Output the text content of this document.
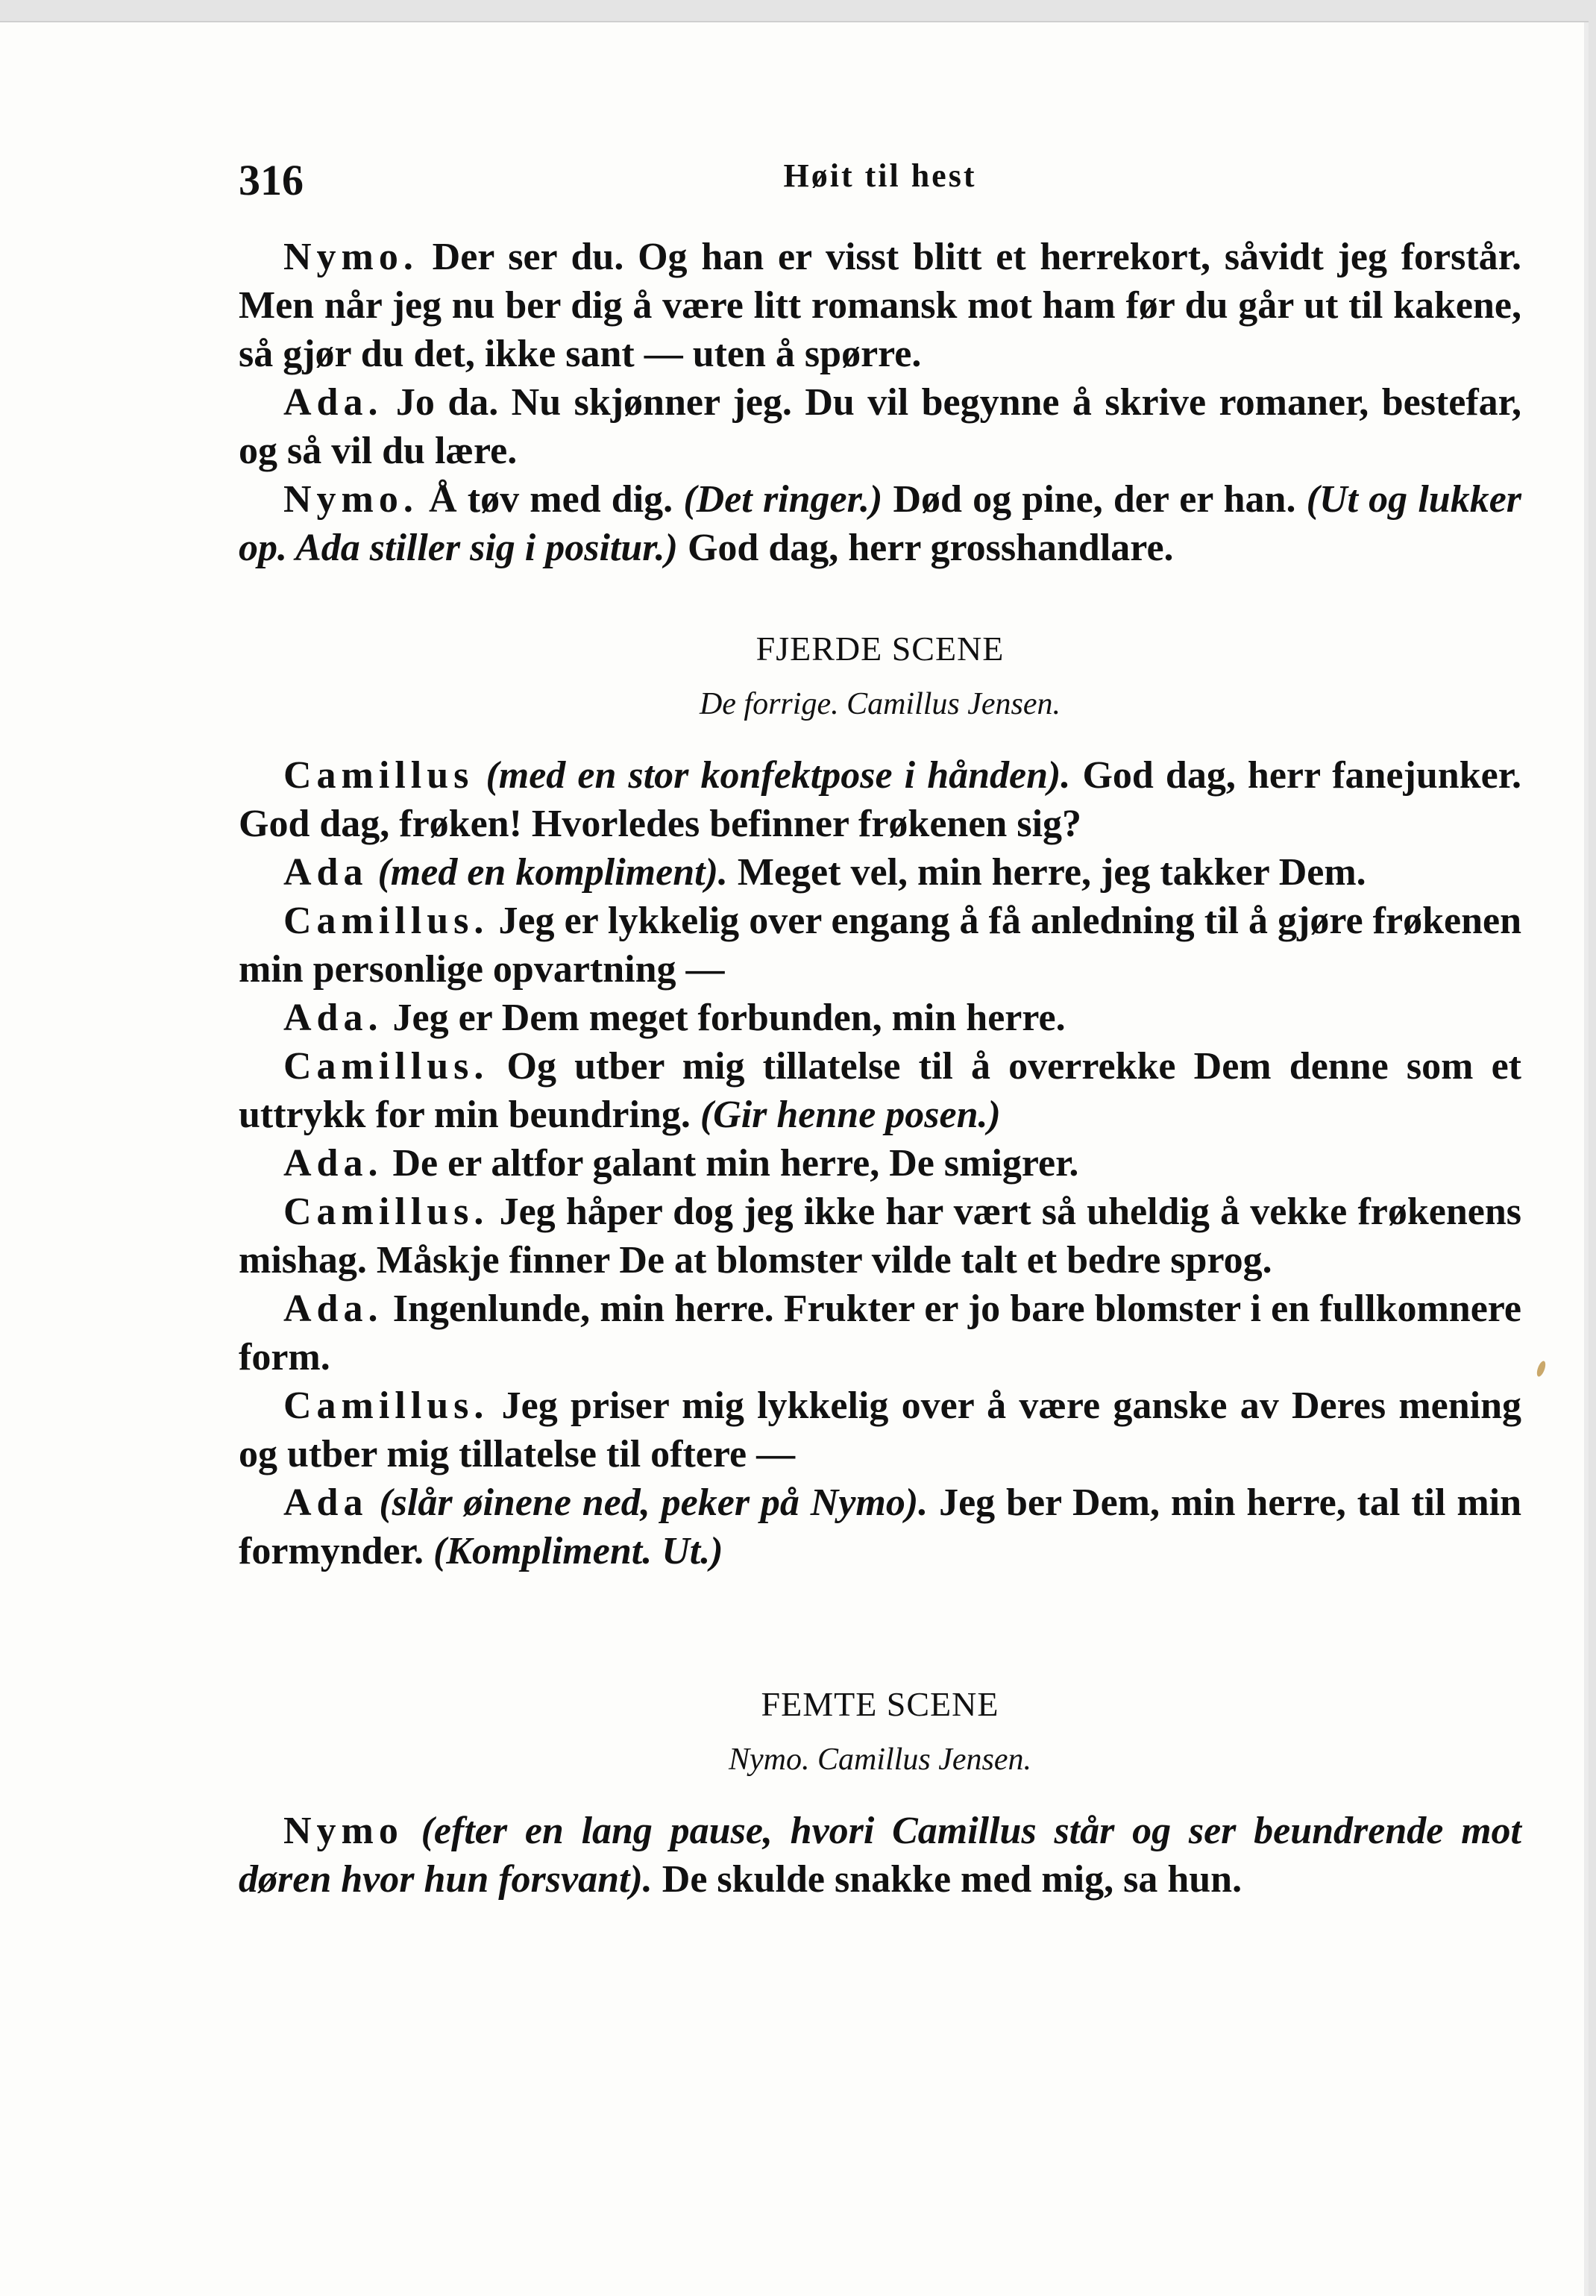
316	Høit til hest

Nymo. Der ser du. Og han er visst blitt et herrekort, såvidt jeg forstår. Men når jeg nu ber dig å være litt romansk mot ham før du går ut til kakene, så gjør du det, ikke sant — uten å spørre.

Ada. Jo da. Nu skjønner jeg. Du vil begynne å skrive romaner, bestefar, og så vil du lære.

Nymo. Å tøv med dig. (Det ringer.) Død og pine, der er han. (Ut og lukker op. Ada stiller sig i positur.) God dag, herr grosshandlare.

FJERDE SCENE

De forrige. Camillus Jensen.

Camillus (med en stor konfektpose i hånden). God dag, herr fanejunker. God dag, frøken! Hvorledes befinner frøkenen sig?

Ada (med en kompliment). Meget vel, min herre, jeg takker Dem.

Camillus. Jeg er lykkelig over engang å få anledning til å gjøre frøkenen min personlige opvartning —

Ada. Jeg er Dem meget forbunden, min herre.

Camillus. Og utber mig tillatelse til å overrekke Dem denne som et uttrykk for min beundring. (Gir henne posen.)

Ada. De er altfor galant min herre, De smigrer.

Camillus. Jeg håper dog jeg ikke har vært så uheldig å vekke frøkenens mishag. Måskje finner De at blomster vilde talt et bedre sprog.

Ada. Ingenlunde, min herre. Frukter er jo bare blomster i en fullkomnere form.

Camillus. Jeg priser mig lykkelig over å være ganske av Deres mening og utber mig tillatelse til oftere —

Ada (slår øinene ned, peker på Nymo). Jeg ber Dem, min herre, tal til min formynder. (Kompliment. Ut.)

FEMTE SCENE

Nymo. Camillus Jensen.

Nymo (efter en lang pause, hvori Camillus står og ser beundrende mot døren hvor hun forsvant). De skulde snakke med mig, sa hun.
